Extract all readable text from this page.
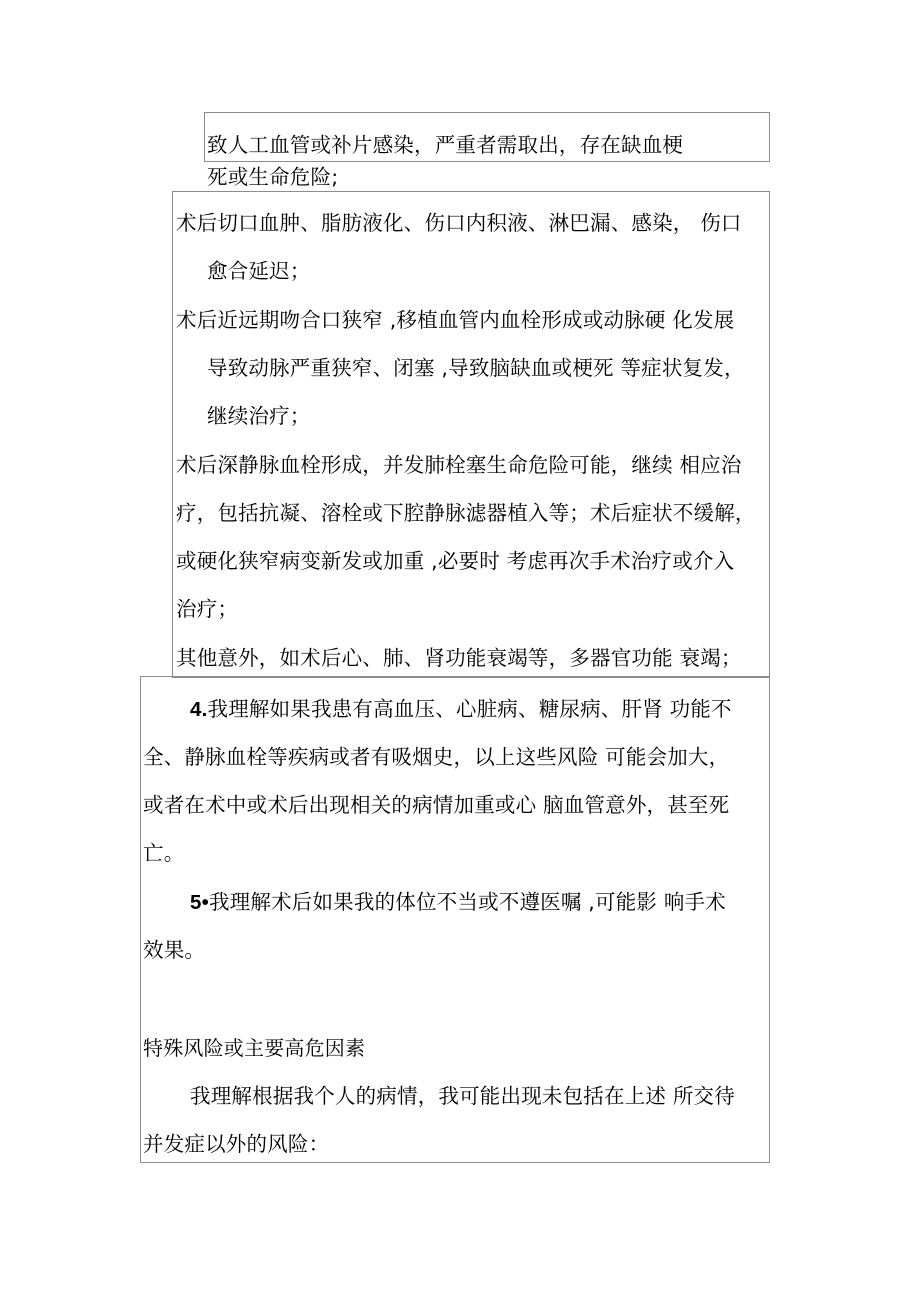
致人工血管或补片感染，严重者需取出，存在缺血梗
死或生命危险;
术后切口血肿、脂肪液化、伤口内积液、淋巴漏、感染， 伤口
愈合延迟；
术后近远期吻合口狭窄 ,移植血管内血栓形成或动脉硬 化发展
导致动脉严重狭窄、闭塞 ,导致脑缺血或梗死 等症状复发，
继续治疗；
术后深静脉血栓形成，并发肺栓塞生命危险可能，继续 相应治
疗，包括抗凝、溶栓或下腔静脉滤器植入等；术后症状不缓解，
或硬化狭窄病变新发或加重 ,必要时 考虑再次手术治疗或介入
治疗；
其他意外，如术后心、肺、肾功能衰竭等，多器官功能 衰竭；
4.我理解如果我患有高血压、心脏病、糖尿病、肝肾 功能不
全、静脉血栓等疾病或者有吸烟史，以上这些风险 可能会加大，
或者在术中或术后出现相关的病情加重或心 脑血管意外，甚至死
亡。
5•我理解术后如果我的体位不当或不遵医嘱 ,可能影 响手术
效果。
特殊风险或主要高危因素
我理解根据我个人的病情，我可能出现未包括在上述 所交待
并发症以外的风险：
